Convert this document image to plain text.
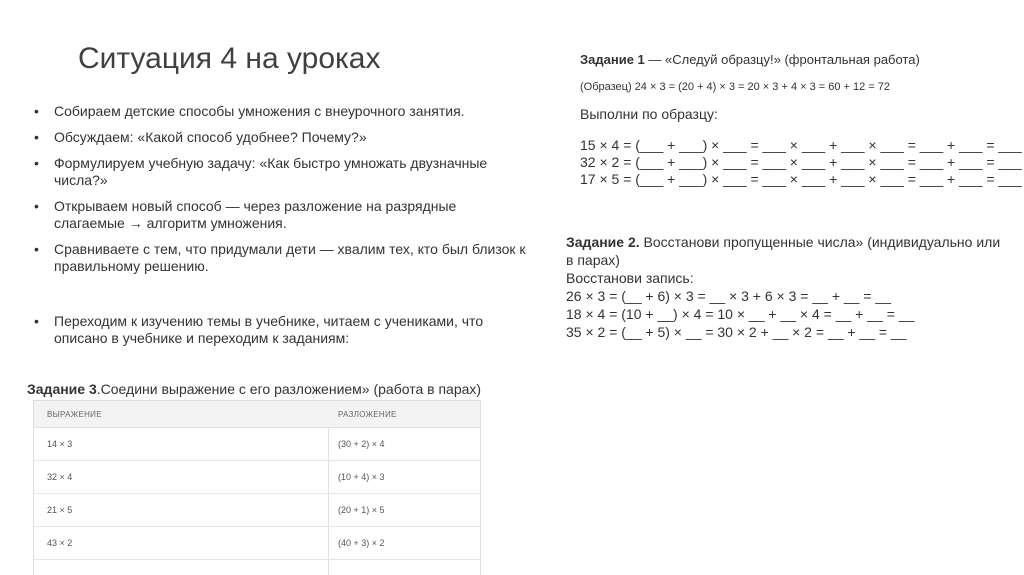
Ситуация 4 на уроках
• Собираем детские способы умножения с внеурочного занятия.
• Обсуждаем: «Какой способ удобнее? Почему?»
• Формулируем учебную задачу: «Как быстро умножать двузначные числа?»
• Открываем новый способ — через разложение на разрядные слагаемые → алгоритм умножения.
• Сравниваете с тем, что придумали дети — хвалим тех, кто был близок к правильному решению.
• Переходим к изучению темы в учебнике, читаем с учениками, что описано в учебнике и переходим к заданиям:
Задание 1 — «Следуй образцу!» (фронтальная работа)
(Образец) 24 × 3 = (20 + 4) × 3 = 20 × 3 + 4 × 3 = 60 + 12 = 72
Выполни по образцу:
15 × 4 = (___ + ___) × ___ = ___ × ___ + ___ × ___ = ___ + ___ = ___
32 × 2 = (___ + ___) × ___ = ___ × ___ + ___ × ___ = ___ + ___ = ___
17 × 5 = (___ + ___) × ___ = ___ × ___ + ___ × ___ = ___ + ___ = ___
Задание 2. Восстанови пропущенные числа» (индивидуально или в парах)
Восстанови запись:
26 × 3 = (__ + 6) × 3 = __ × 3 + 6 × 3 = __ + __ = __
18 × 4 = (10 + __) × 4 = 10 × __ + __ × 4 = __ + __ = __
35 × 2 = (__ + 5) × __ = 30 × 2 + __ × 2 = __ + __ = __
Задание 3.Соедини выражение с его разложением» (работа в парах)
ВЫРАЖЕНИЕ	РАЗЛОЖЕНИЕ
14 × 3	(30 + 2) × 4
32 × 4	(10 + 4) × 3
21 × 5	(20 + 1) × 5
43 × 2	(40 + 3) × 2
